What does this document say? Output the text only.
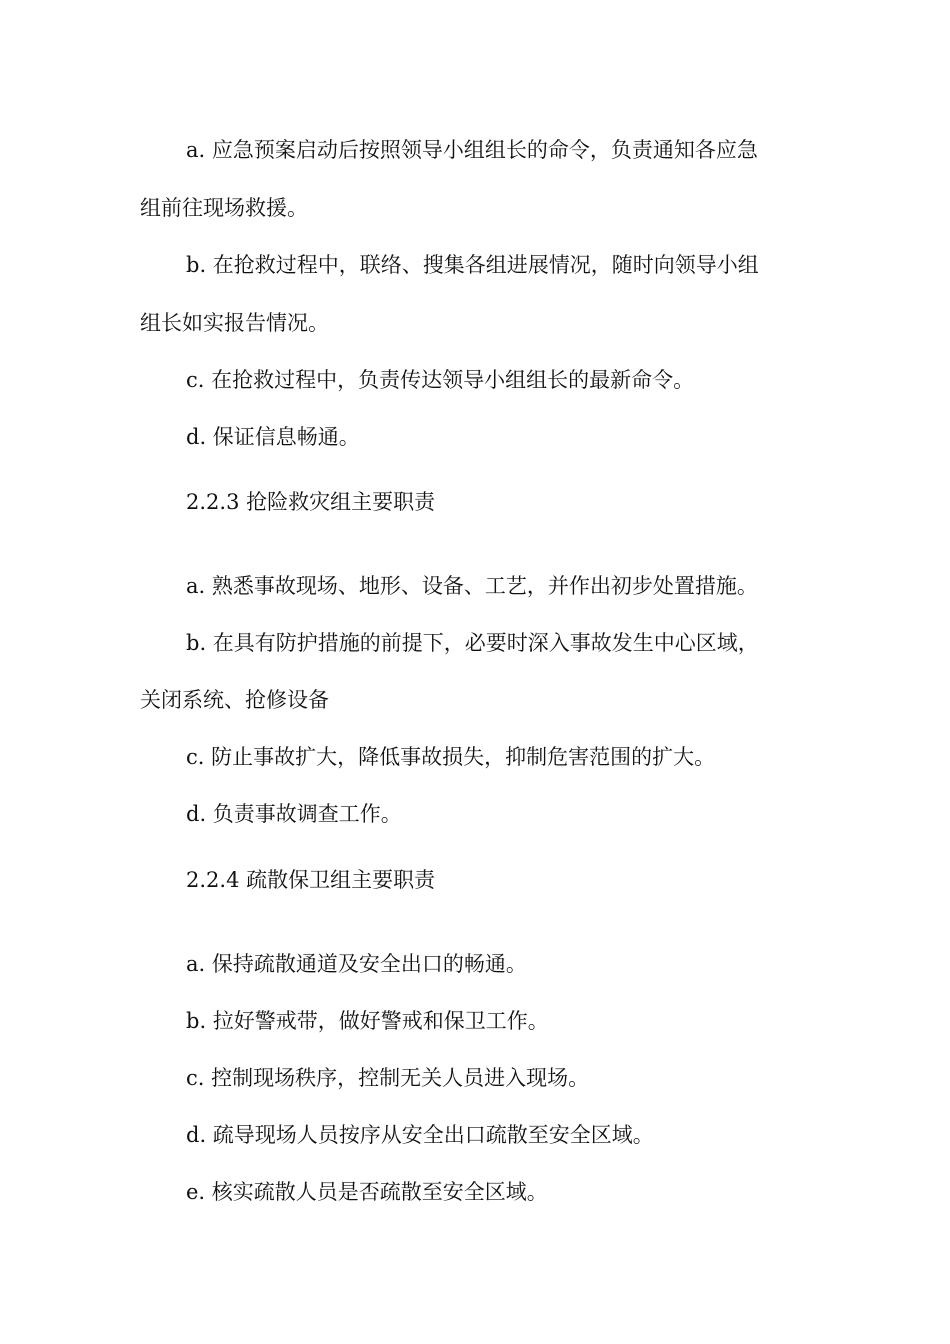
a. 应急预案启动后按照领导小组组长的命令，负责通知各应急
组前往现场救援。
b. 在抢救过程中，联络、搜集各组进展情况，随时向领导小组
组长如实报告情况。
c. 在抢救过程中，负责传达领导小组组长的最新命令。
d. 保证信息畅通。
2.2.3 抢险救灾组主要职责
a. 熟悉事故现场、地形、设备、工艺，并作出初步处置措施。
b. 在具有防护措施的前提下，必要时深入事故发生中心区域，
关闭系统、抢修设备
c. 防止事故扩大，降低事故损失，抑制危害范围的扩大。
d. 负责事故调查工作。
2.2.4 疏散保卫组主要职责
a. 保持疏散通道及安全出口的畅通。
b. 拉好警戒带，做好警戒和保卫工作。
c. 控制现场秩序，控制无关人员进入现场。
d. 疏导现场人员按序从安全出口疏散至安全区域。
e. 核实疏散人员是否疏散至安全区域。
